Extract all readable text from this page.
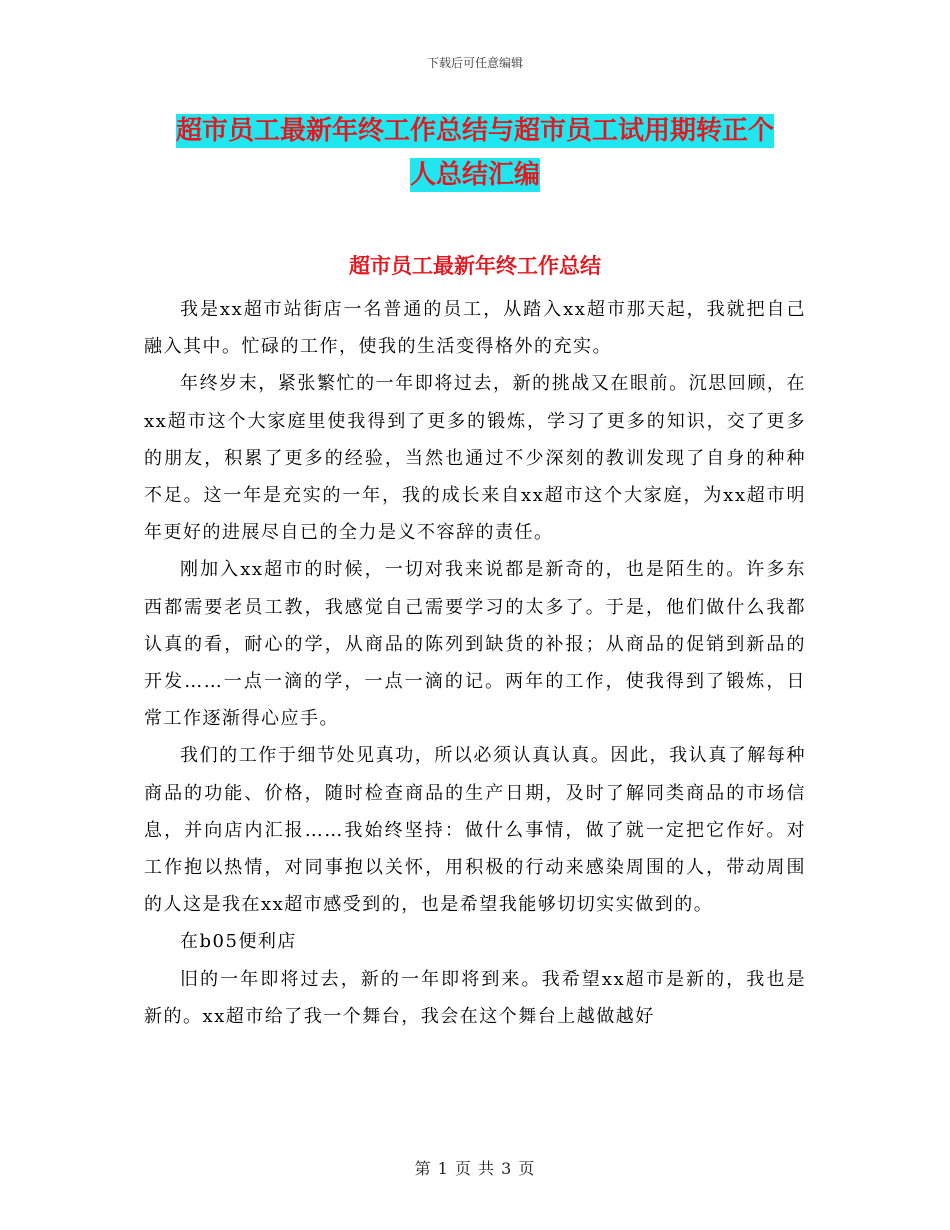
下载后可任意编辑
超市员工最新年终工作总结与超市员工试用期转正个
人总结汇编
超市员工最新年终工作总结

我是xx超市站街店一名普通的员工，从踏入xx超市那天起，我就把自己融入其中。忙碌的工作，使我的生活变得格外的充实。

年终岁末，紧张繁忙的一年即将过去，新的挑战又在眼前。沉思回顾，在xx超市这个大家庭里使我得到了更多的锻炼，学习了更多的知识，交了更多的朋友，积累了更多的经验，当然也通过不少深刻的教训发现了自身的种种不足。这一年是充实的一年，我的成长来自xx超市这个大家庭，为xx超市明年更好的进展尽自已的全力是义不容辞的责任。

刚加入xx超市的时候，一切对我来说都是新奇的，也是陌生的。许多东西都需要老员工教，我感觉自己需要学习的太多了。于是，他们做什么我都认真的看，耐心的学，从商品的陈列到缺货的补报；从商品的促销到新品的开发……一点一滴的学，一点一滴的记。两年的工作，使我得到了锻炼，日常工作逐渐得心应手。

我们的工作于细节处见真功，所以必须认真认真。因此，我认真了解每种商品的功能、价格，随时检查商品的生产日期，及时了解同类商品的市场信息，并向店内汇报……我始终坚持：做什么事情，做了就一定把它作好。对工作抱以热情，对同事抱以关怀，用积极的行动来感染周围的人，带动周围的人这是我在xx超市感受到的，也是希望我能够切切实实做到的。

在b05便利店

旧的一年即将过去，新的一年即将到来。我希望xx超市是新的，我也是新的。xx超市给了我一个舞台，我会在这个舞台上越做越好

第 1 页 共 3 页
